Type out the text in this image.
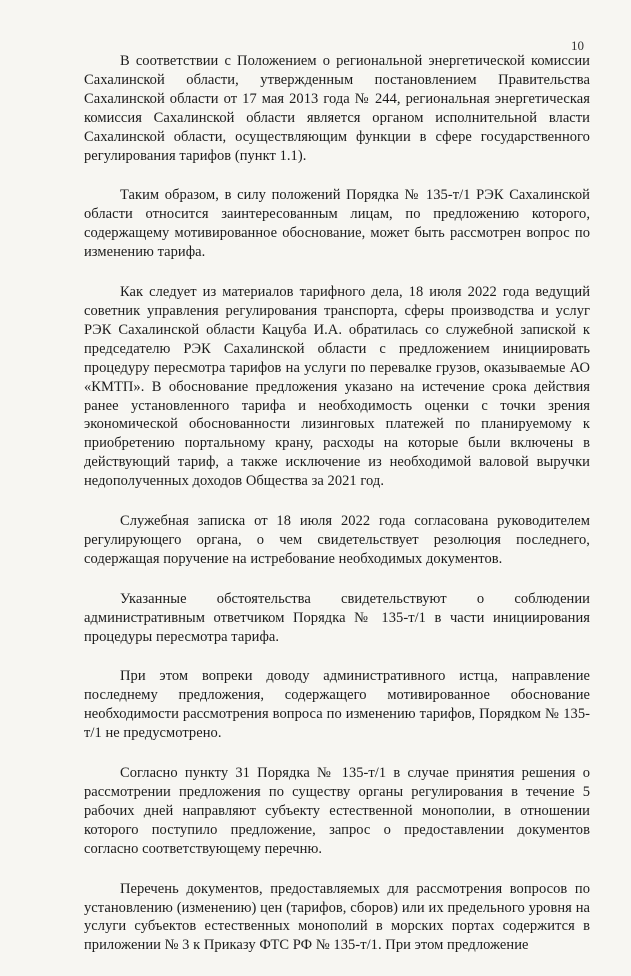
10

В соответствии с Положением о региональной энергетической комиссии Сахалинской области, утвержденным постановлением Правительства Сахалинской области от 17 мая 2013 года № 244, региональная энергетическая комиссия Сахалинской области является органом исполнительной власти Сахалинской области, осуществляющим функции в сфере государственного регулирования тарифов (пункт 1.1).

Таким образом, в силу положений Порядка № 135-т/1 РЭК Сахалинской области относится заинтересованным лицам, по предложению которого, содержащему мотивированное обоснование, может быть рассмотрен вопрос по изменению тарифа.

Как следует из материалов тарифного дела, 18 июля 2022 года ведущий советник управления регулирования транспорта, сферы производства и услуг РЭК Сахалинской области Кацуба И.А. обратилась со служебной запиской к председателю РЭК Сахалинской области с предложением инициировать процедуру пересмотра тарифов на услуги по перевалке грузов, оказываемые АО «КМТП». В обоснование предложения указано на истечение срока действия ранее установленного тарифа и необходимость оценки с точки зрения экономической обоснованности лизинговых платежей по планируемому к приобретению портальному крану, расходы на которые были включены в действующий тариф, а также исключение из необходимой валовой выручки недополученных доходов Общества за 2021 год.

Служебная записка от 18 июля 2022 года согласована руководителем регулирующего органа, о чем свидетельствует резолюция последнего, содержащая поручение на истребование необходимых документов.

Указанные обстоятельства свидетельствуют о соблюдении административным ответчиком Порядка № 135-т/1 в части инициирования процедуры пересмотра тарифа.

При этом вопреки доводу административного истца, направление последнему предложения, содержащего мотивированное обоснование необходимости рассмотрения вопроса по изменению тарифов, Порядком № 135-т/1 не предусмотрено.

Согласно пункту 31 Порядка № 135-т/1 в случае принятия решения о рассмотрении предложения по существу органы регулирования в течение 5 рабочих дней направляют субъекту естественной монополии, в отношении которого поступило предложение, запрос о предоставлении документов согласно соответствующему перечню.

Перечень документов, предоставляемых для рассмотрения вопросов по установлению (изменению) цен (тарифов, сборов) или их предельного уровня на услуги субъектов естественных монополий в морских портах содержится в приложении № 3 к Приказу ФТС РФ № 135-т/1. При этом предложение
